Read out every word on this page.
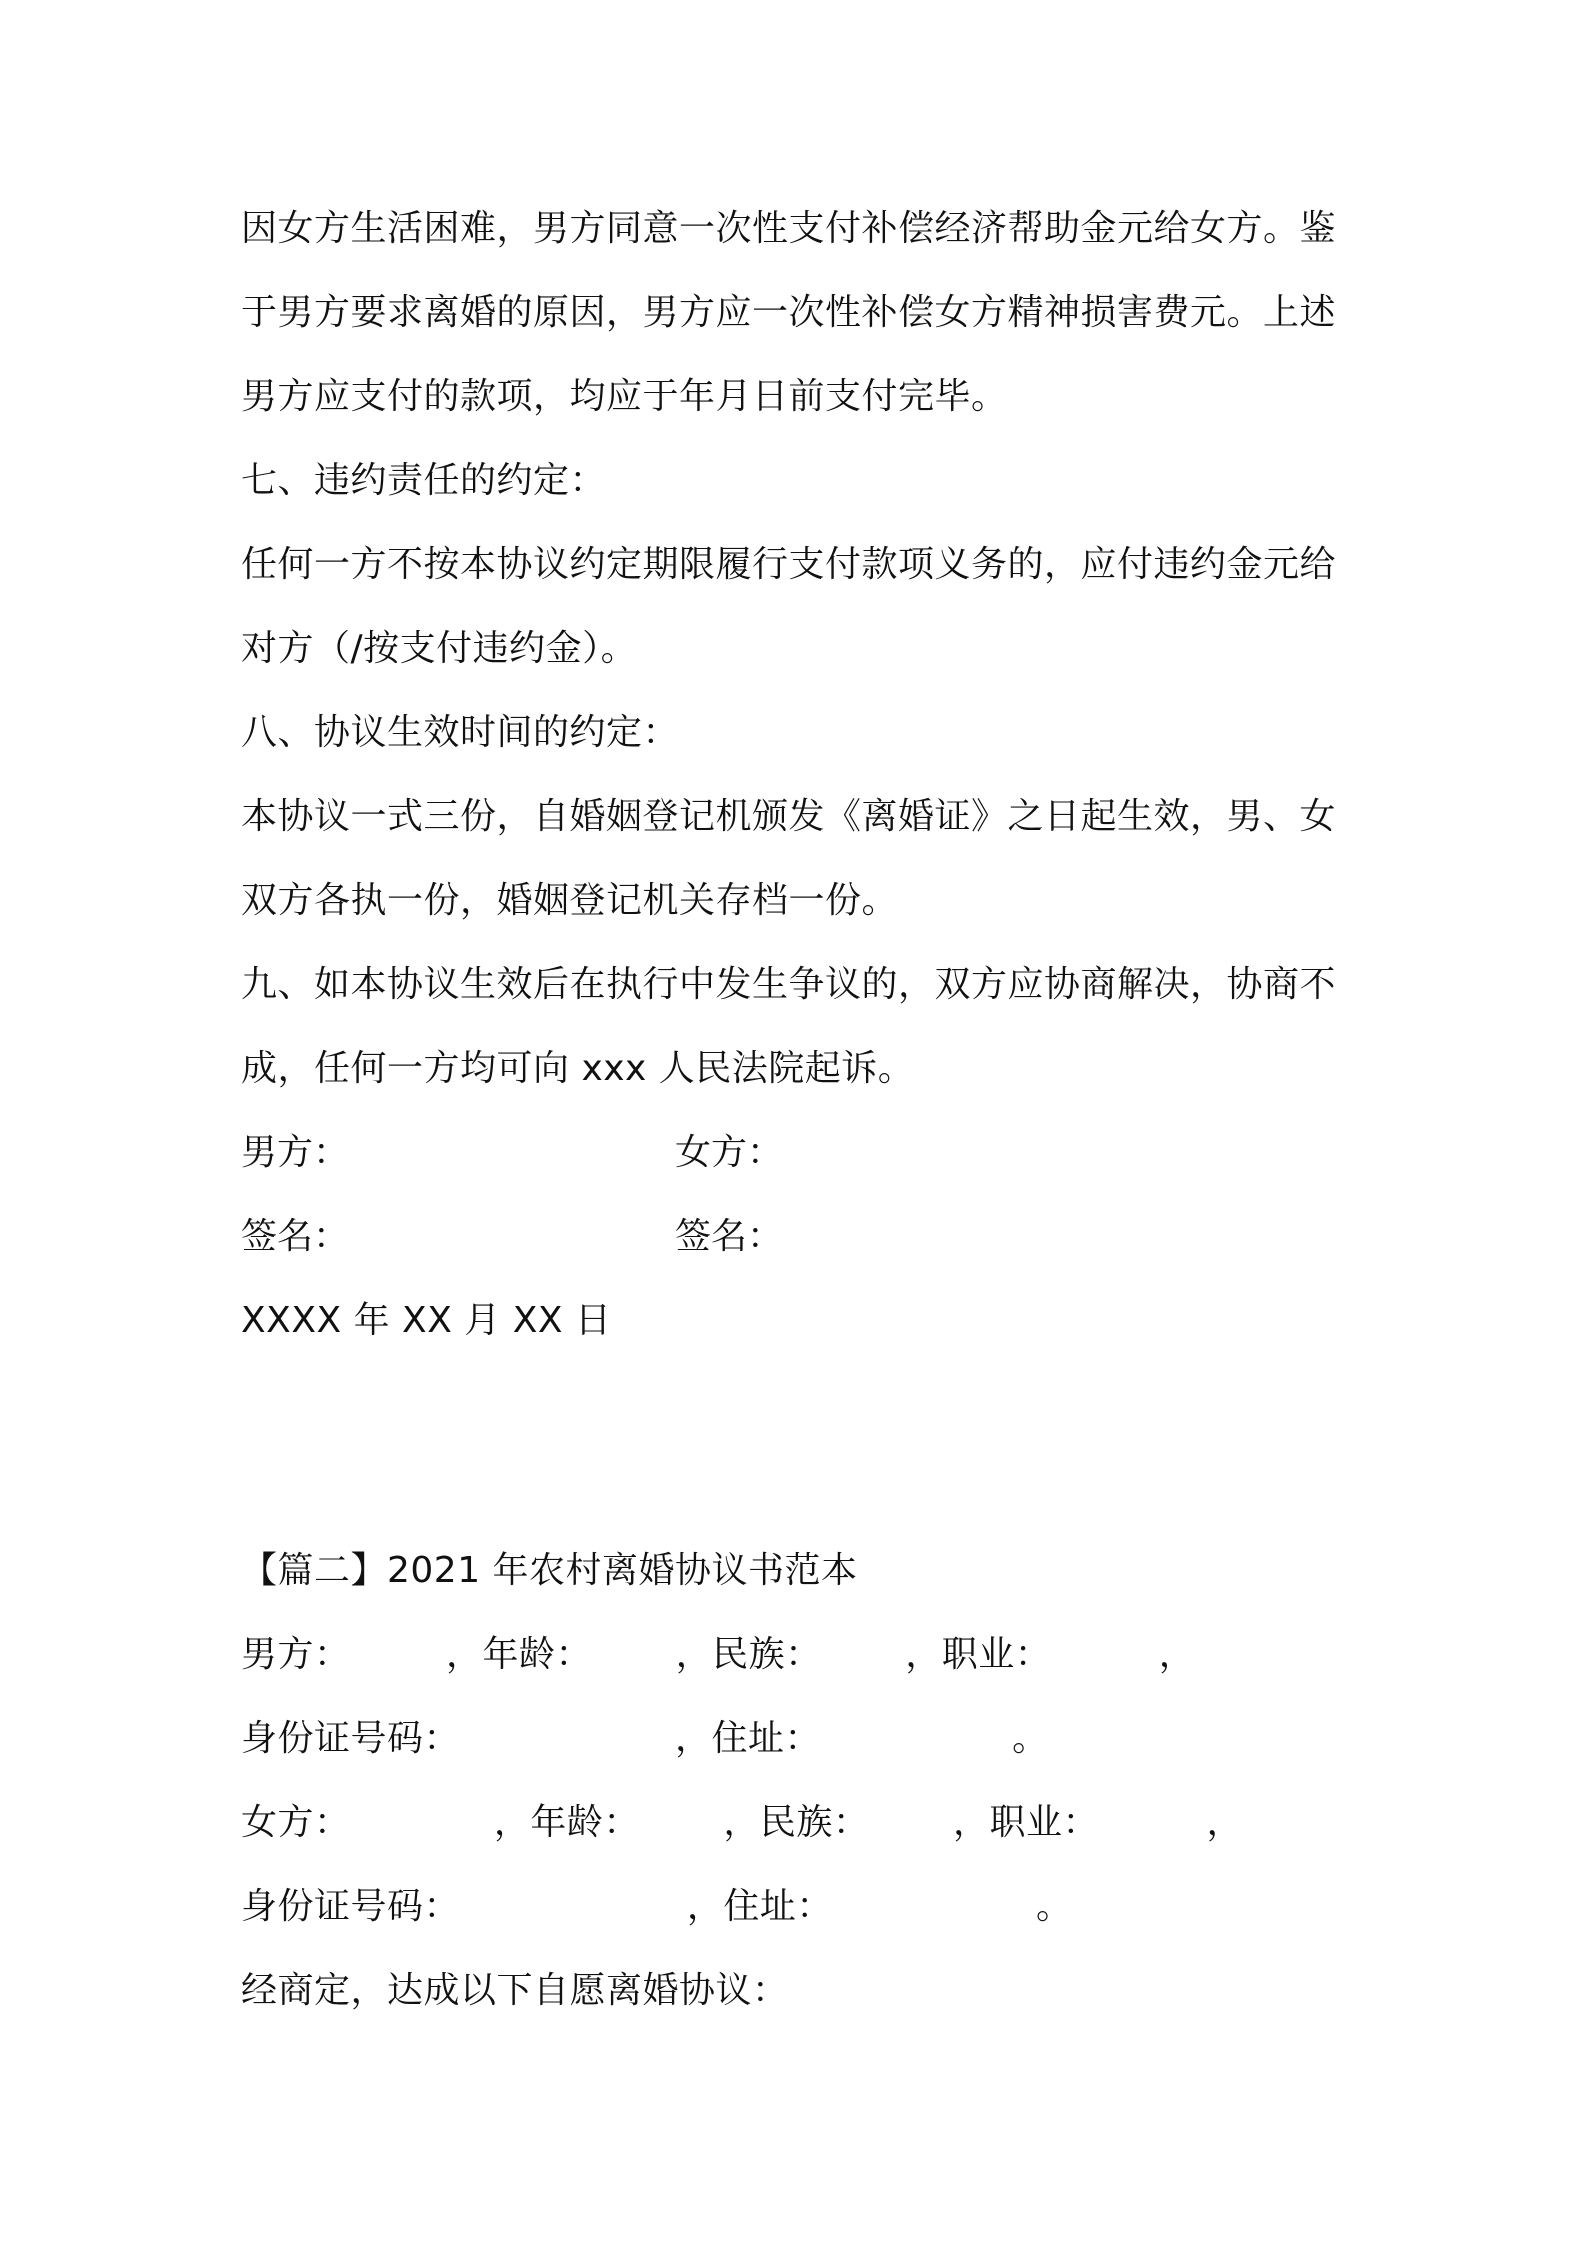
因女方生活困难，男方同意一次性支付补偿经济帮助金元给女方。鉴
于男方要求离婚的原因，男方应一次性补偿女方精神损害费元。上述
男方应支付的款项，均应于年月日前支付完毕。
七、违约责任的约定：
任何一方不按本协议约定期限履行支付款项义务的，应付违约金元给
对方（/按支付违约金）。
八、协议生效时间的约定：
本协议一式三份，自婚姻登记机颁发《离婚证》之日起生效，男、女
双方各执一份，婚姻登记机关存档一份。
九、如本协议生效后在执行中发生争议的，双方应协商解决，协商不
成，任何一方均可向 xxx 人民法院起诉。
男方：	女方：
签名：	签名：
XXXX 年 XX 月 XX 日
【篇二】2021 年农村离婚协议书范本
男方：        ，年龄：       ，民族：       ，职业：         ，
身份证号码：                  ，住址：                。
女方：            ，年龄：       ，民族：       ，职业：         ，
身份证号码：                   ，住址：                 。
经商定，达成以下自愿离婚协议：
